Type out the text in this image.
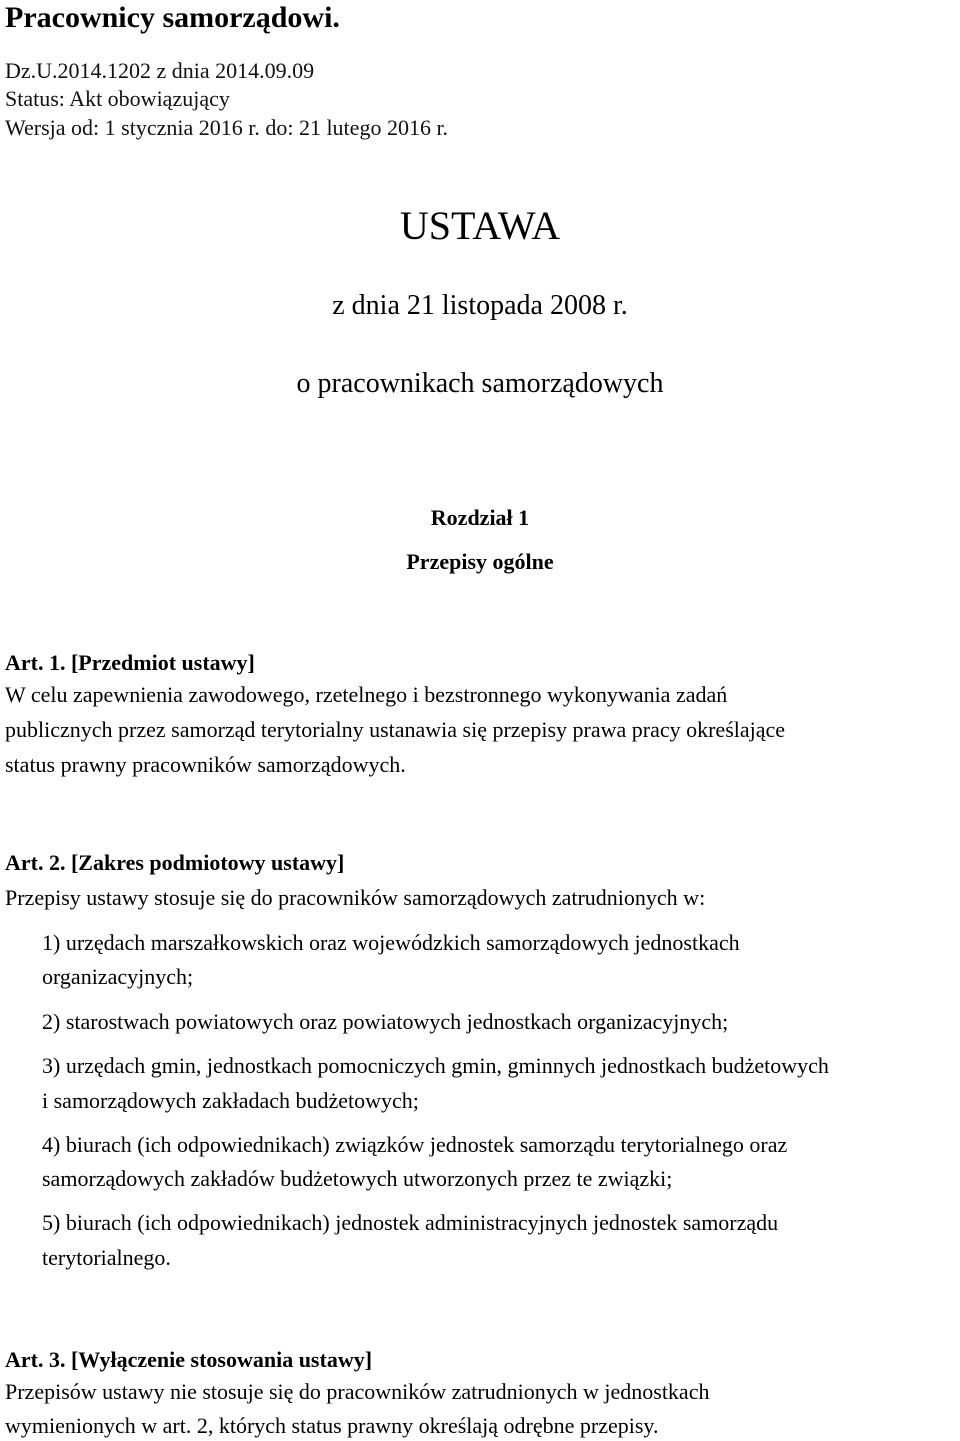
Pracownicy samorządowi.
Dz.U.2014.1202 z dnia 2014.09.09
Status: Akt obowiązujący
Wersja od: 1 stycznia 2016 r. do: 21 lutego 2016 r.
USTAWA
z dnia 21 listopada 2008 r.
o pracownikach samorządowych
Rozdział 1
Przepisy ogólne
Art. 1. [Przedmiot ustawy]
W celu zapewnienia zawodowego, rzetelnego i bezstronnego wykonywania zadań
publicznych przez samorząd terytorialny ustanawia się przepisy prawa pracy określające
status prawny pracowników samorządowych.
Art. 2. [Zakres podmiotowy ustawy]
Przepisy ustawy stosuje się do pracowników samorządowych zatrudnionych w:
1) urzędach marszałkowskich oraz wojewódzkich samorządowych jednostkach
organizacyjnych;
2) starostwach powiatowych oraz powiatowych jednostkach organizacyjnych;
3) urzędach gmin, jednostkach pomocniczych gmin, gminnych jednostkach budżetowych
i samorządowych zakładach budżetowych;
4) biurach (ich odpowiednikach) związków jednostek samorządu terytorialnego oraz
samorządowych zakładów budżetowych utworzonych przez te związki;
5) biurach (ich odpowiednikach) jednostek administracyjnych jednostek samorządu
terytorialnego.
Art. 3. [Wyłączenie stosowania ustawy]
Przepisów ustawy nie stosuje się do pracowników zatrudnionych w jednostkach
wymienionych w art. 2, których status prawny określają odrębne przepisy.
